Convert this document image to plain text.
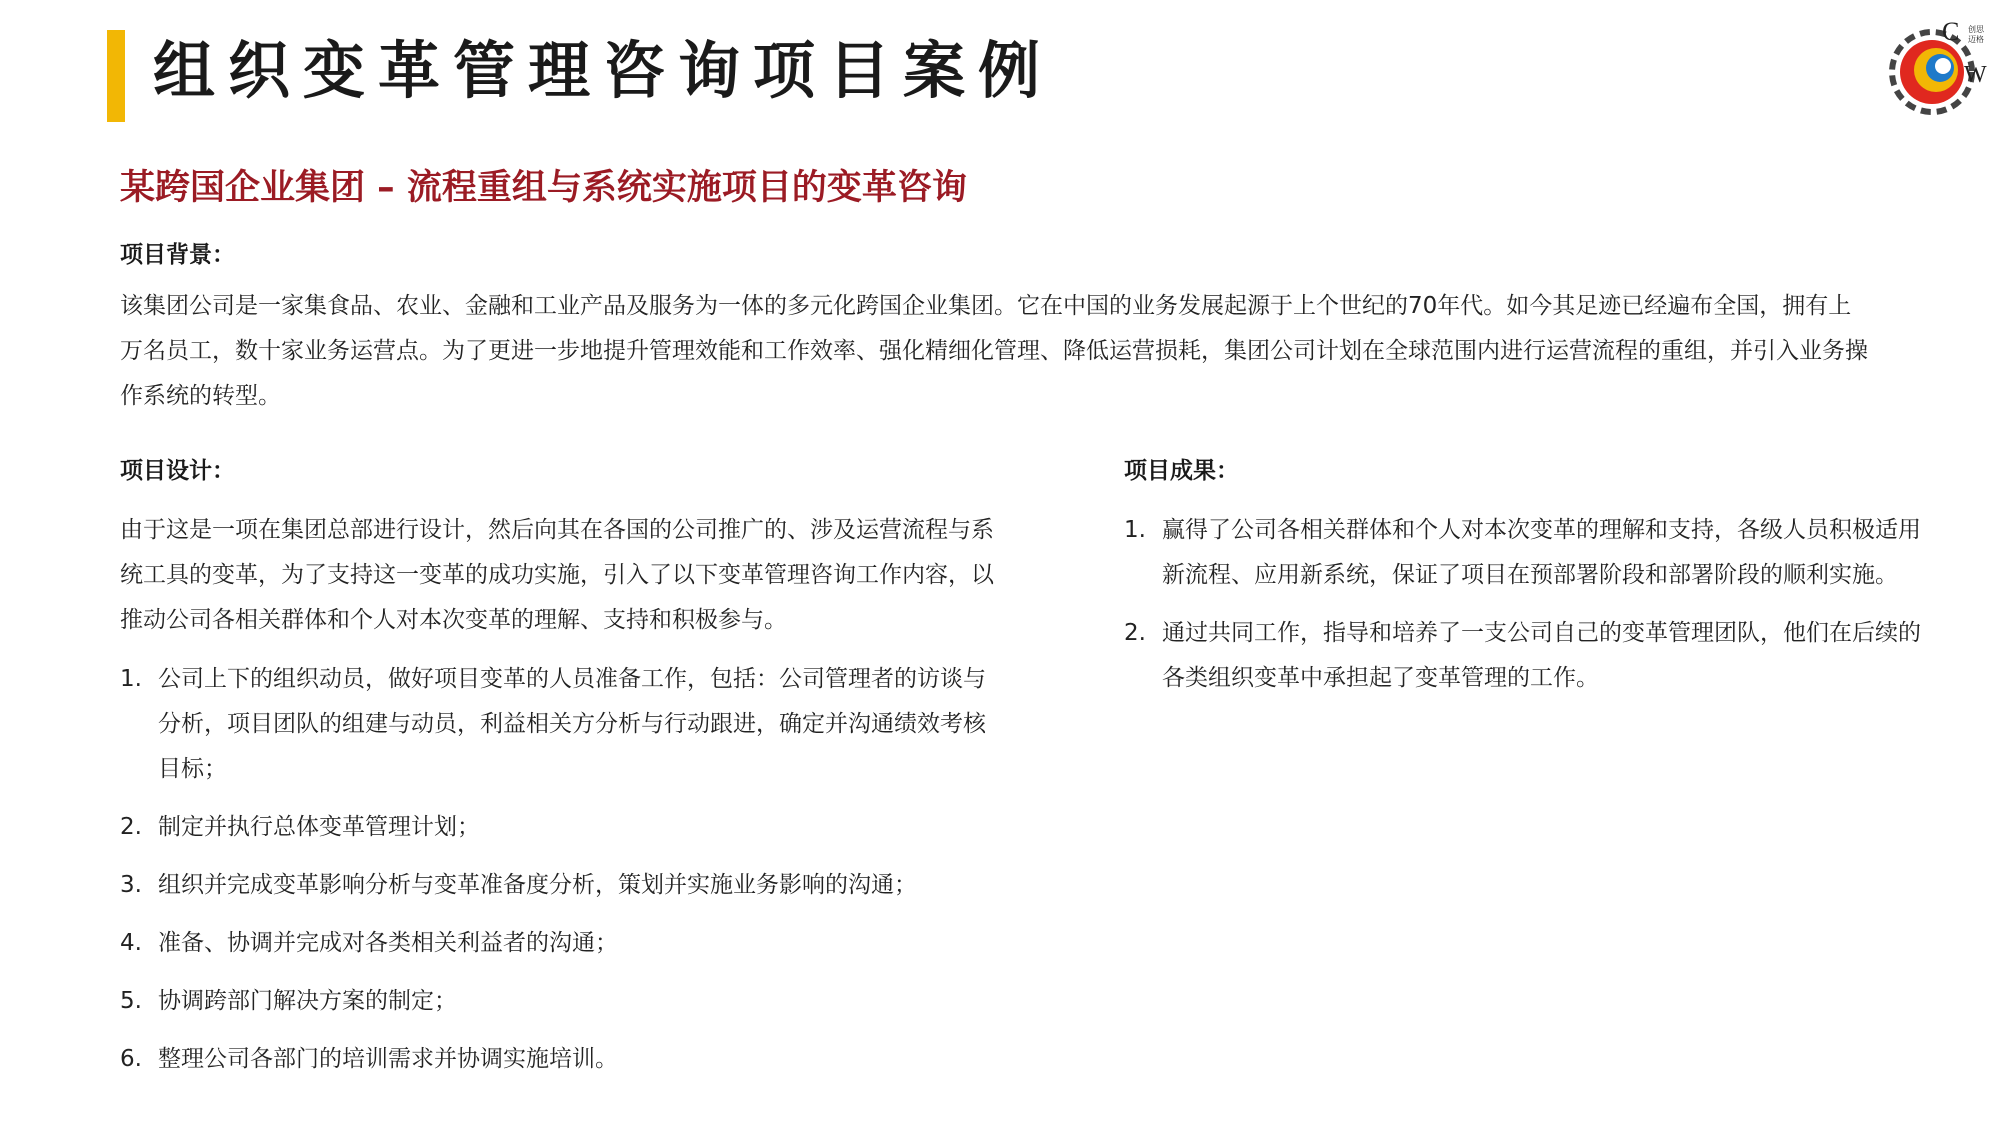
组织变革管理咨询项目案例
C
W
创思
迈格
某跨国企业集团 – 流程重组与系统实施项目的变革咨询

项目背景：

该集团公司是一家集食品、农业、金融和工业产品及服务为一体的多元化跨国企业集团。它在中国的业务发展起源于上个世纪的70年代。如今其足迹已经遍布全国，拥有上万名员工，数十家业务运营点。为了更进一步地提升管理效能和工作效率、强化精细化管理、降低运营损耗，集团公司计划在全球范围内进行运营流程的重组，并引入业务操作系统的转型。

项目设计：

由于这是一项在集团总部进行设计，然后向其在各国的公司推广的、涉及运营流程与系统工具的变革，为了支持这一变革的成功实施，引入了以下变革管理咨询工作内容，以推动公司各相关群体和个人对本次变革的理解、支持和积极参与。

1. 公司上下的组织动员，做好项目变革的人员准备工作，包括：公司管理者的访谈与分析，项目团队的组建与动员，利益相关方分析与行动跟进，确定并沟通绩效考核目标；
2. 制定并执行总体变革管理计划；
3. 组织并完成变革影响分析与变革准备度分析，策划并实施业务影响的沟通；
4. 准备、协调并完成对各类相关利益者的沟通；
5. 协调跨部门解决方案的制定；
6. 整理公司各部门的培训需求并协调实施培训。

项目成果：

1. 赢得了公司各相关群体和个人对本次变革的理解和支持，各级人员积极适用新流程、应用新系统，保证了项目在预部署阶段和部署阶段的顺利实施。
2. 通过共同工作，指导和培养了一支公司自己的变革管理团队，他们在后续的各类组织变革中承担起了变革管理的工作。
